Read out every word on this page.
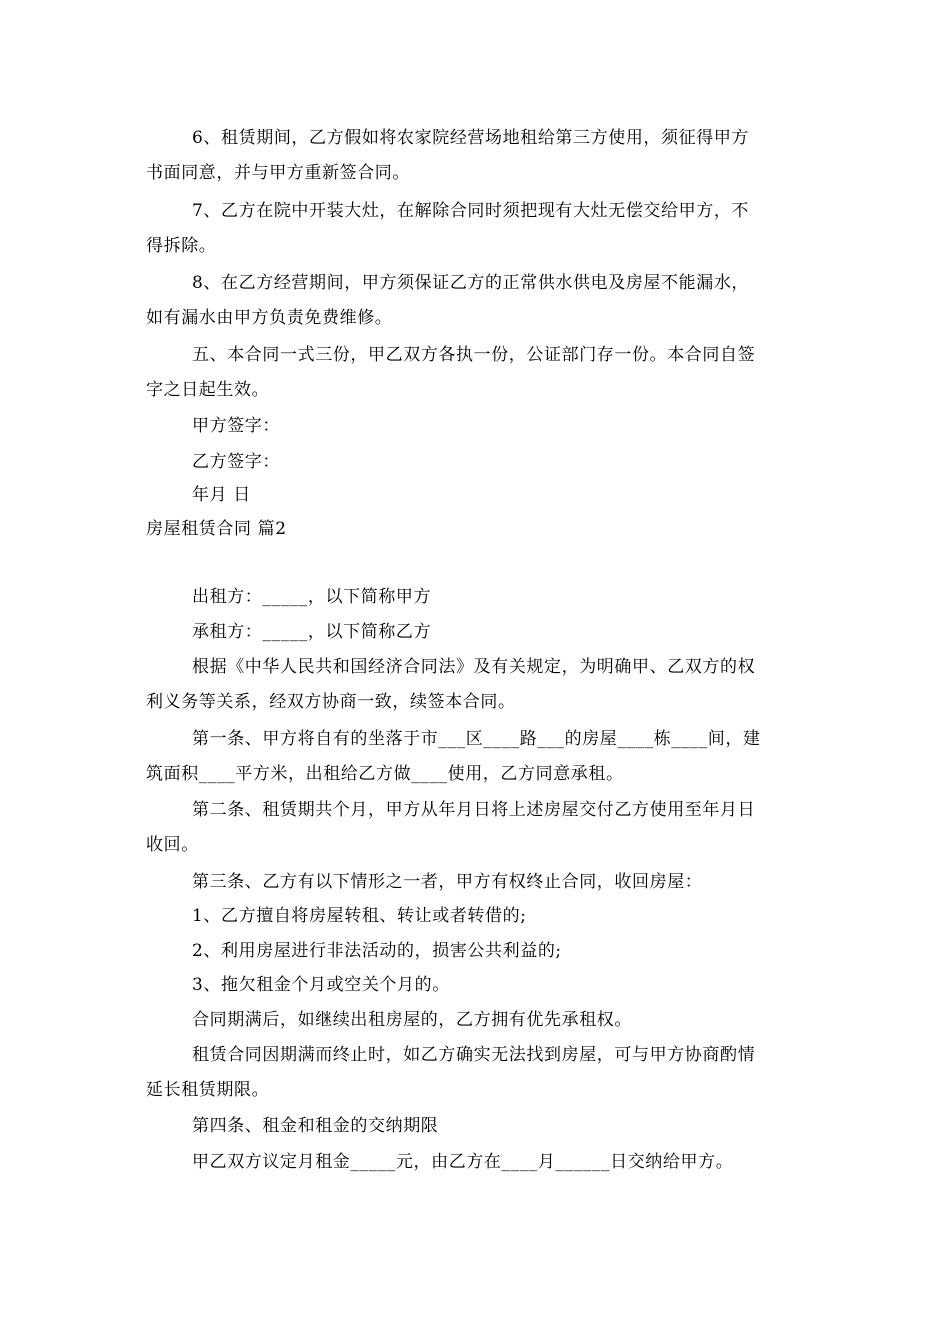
6、租赁期间，乙方假如将农家院经营场地租给第三方使用，须征得甲方
书面同意，并与甲方重新签合同。
7、乙方在院中开装大灶，在解除合同时须把现有大灶无偿交给甲方，不
得拆除。
8、在乙方经营期间，甲方须保证乙方的正常供水供电及房屋不能漏水，
如有漏水由甲方负责免费维修。
五、本合同一式三份，甲乙双方各执一份，公证部门存一份。本合同自签
字之日起生效。
甲方签字：
乙方签字：
年月 日
房屋租赁合同 篇2
出租方：_____，以下简称甲方
承租方：_____，以下简称乙方
根据《中华人民共和国经济合同法》及有关规定，为明确甲、乙双方的权
利义务等关系，经双方协商一致，续签本合同。
第一条、甲方将自有的坐落于市___区____路___的房屋____栋____间，建
筑面积____平方米，出租给乙方做____使用，乙方同意承租。
第二条、租赁期共个月，甲方从年月日将上述房屋交付乙方使用至年月日
收回。
第三条、乙方有以下情形之一者，甲方有权终止合同，收回房屋：
1、乙方擅自将房屋转租、转让或者转借的;
2、利用房屋进行非法活动的，损害公共利益的;
3、拖欠租金个月或空关个月的。
合同期满后，如继续出租房屋的，乙方拥有优先承租权。
租赁合同因期满而终止时，如乙方确实无法找到房屋，可与甲方协商酌情
延长租赁期限。
第四条、租金和租金的交纳期限
甲乙双方议定月租金_____元，由乙方在____月______日交纳给甲方。
